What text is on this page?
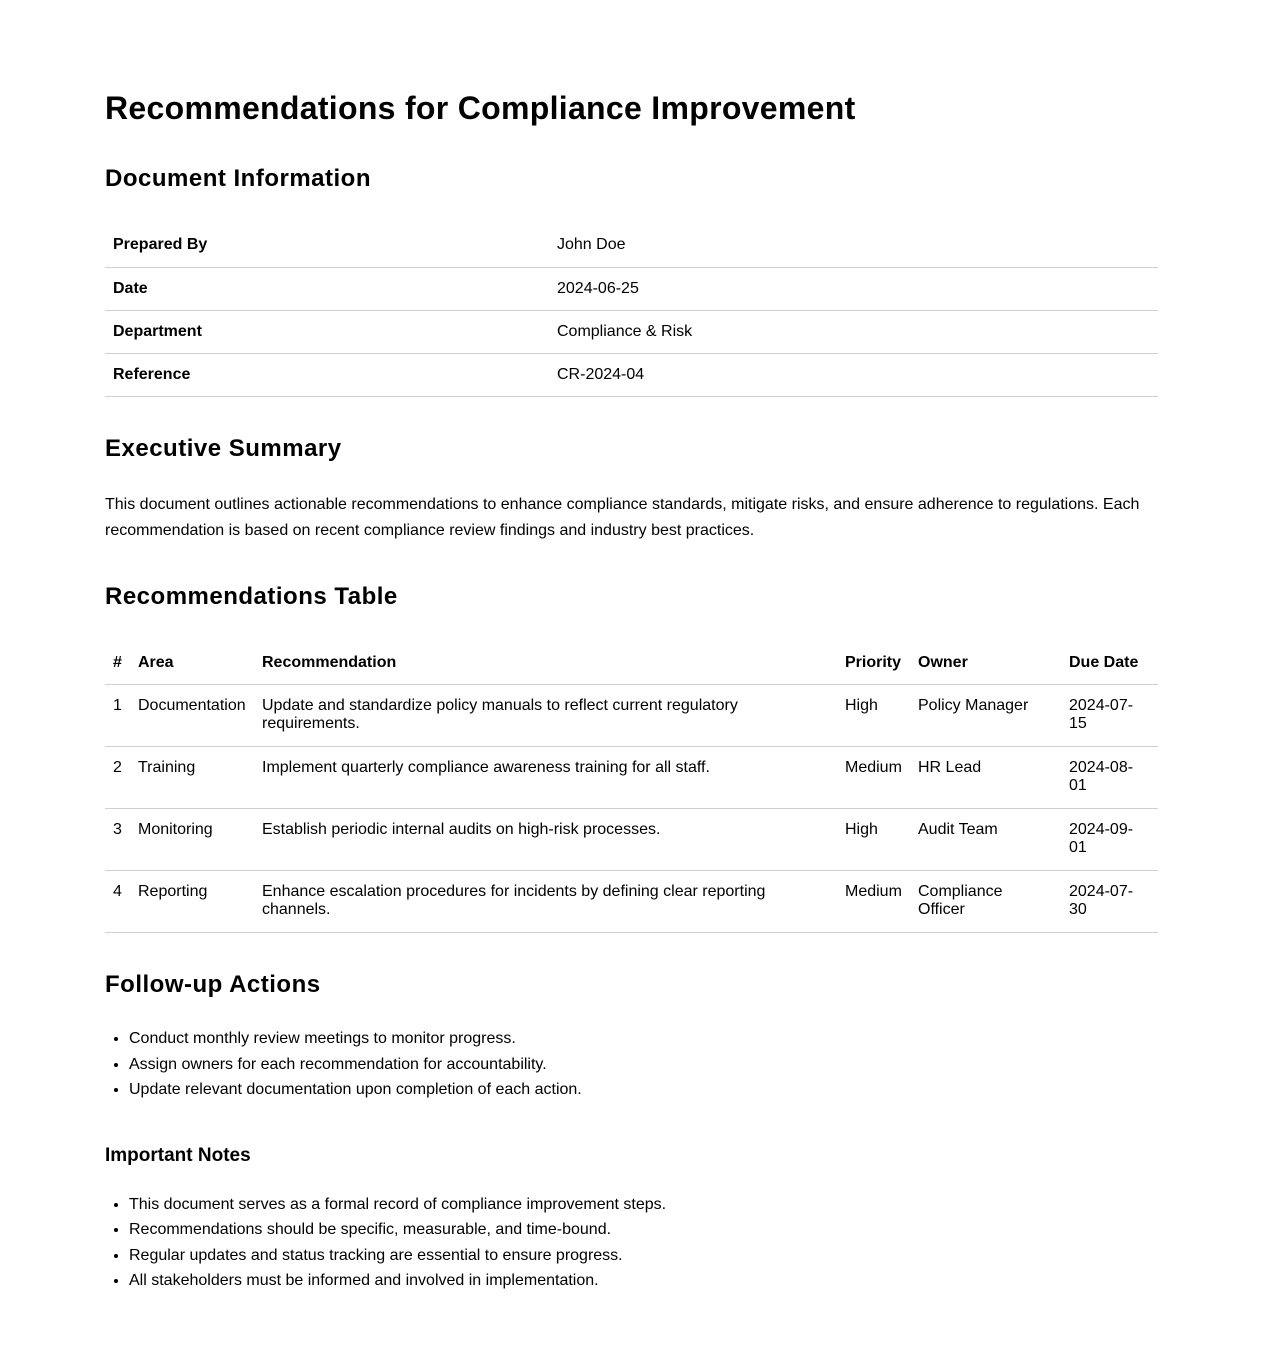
Recommendations for Compliance Improvement
Document Information
Prepared By	John Doe
Date	2024-06-25
Department	Compliance & Risk
Reference	CR-2024-04
Executive Summary

This document outlines actionable recommendations to enhance compliance standards, mitigate risks, and ensure adherence to regulations. Each recommendation is based on recent compliance review findings and industry best practices.

Recommendations Table
#	Area	Recommendation	Priority	Owner	Due Date
1	Documentation	Update and standardize policy manuals to reflect current regulatory requirements.	High	Policy Manager	2024-07-15
2	Training	Implement quarterly compliance awareness training for all staff.	Medium	HR Lead	2024-08-01
3	Monitoring	Establish periodic internal audits on high-risk processes.	High	Audit Team	2024-09-01
4	Reporting	Enhance escalation procedures for incidents by defining clear reporting channels.	Medium	Compliance Officer	2024-07-30
Follow-up Actions
• Conduct monthly review meetings to monitor progress.
• Assign owners for each recommendation for accountability.
• Update relevant documentation upon completion of each action.
Important Notes
• This document serves as a formal record of compliance improvement steps.
• Recommendations should be specific, measurable, and time-bound.
• Regular updates and status tracking are essential to ensure progress.
• All stakeholders must be informed and involved in implementation.
